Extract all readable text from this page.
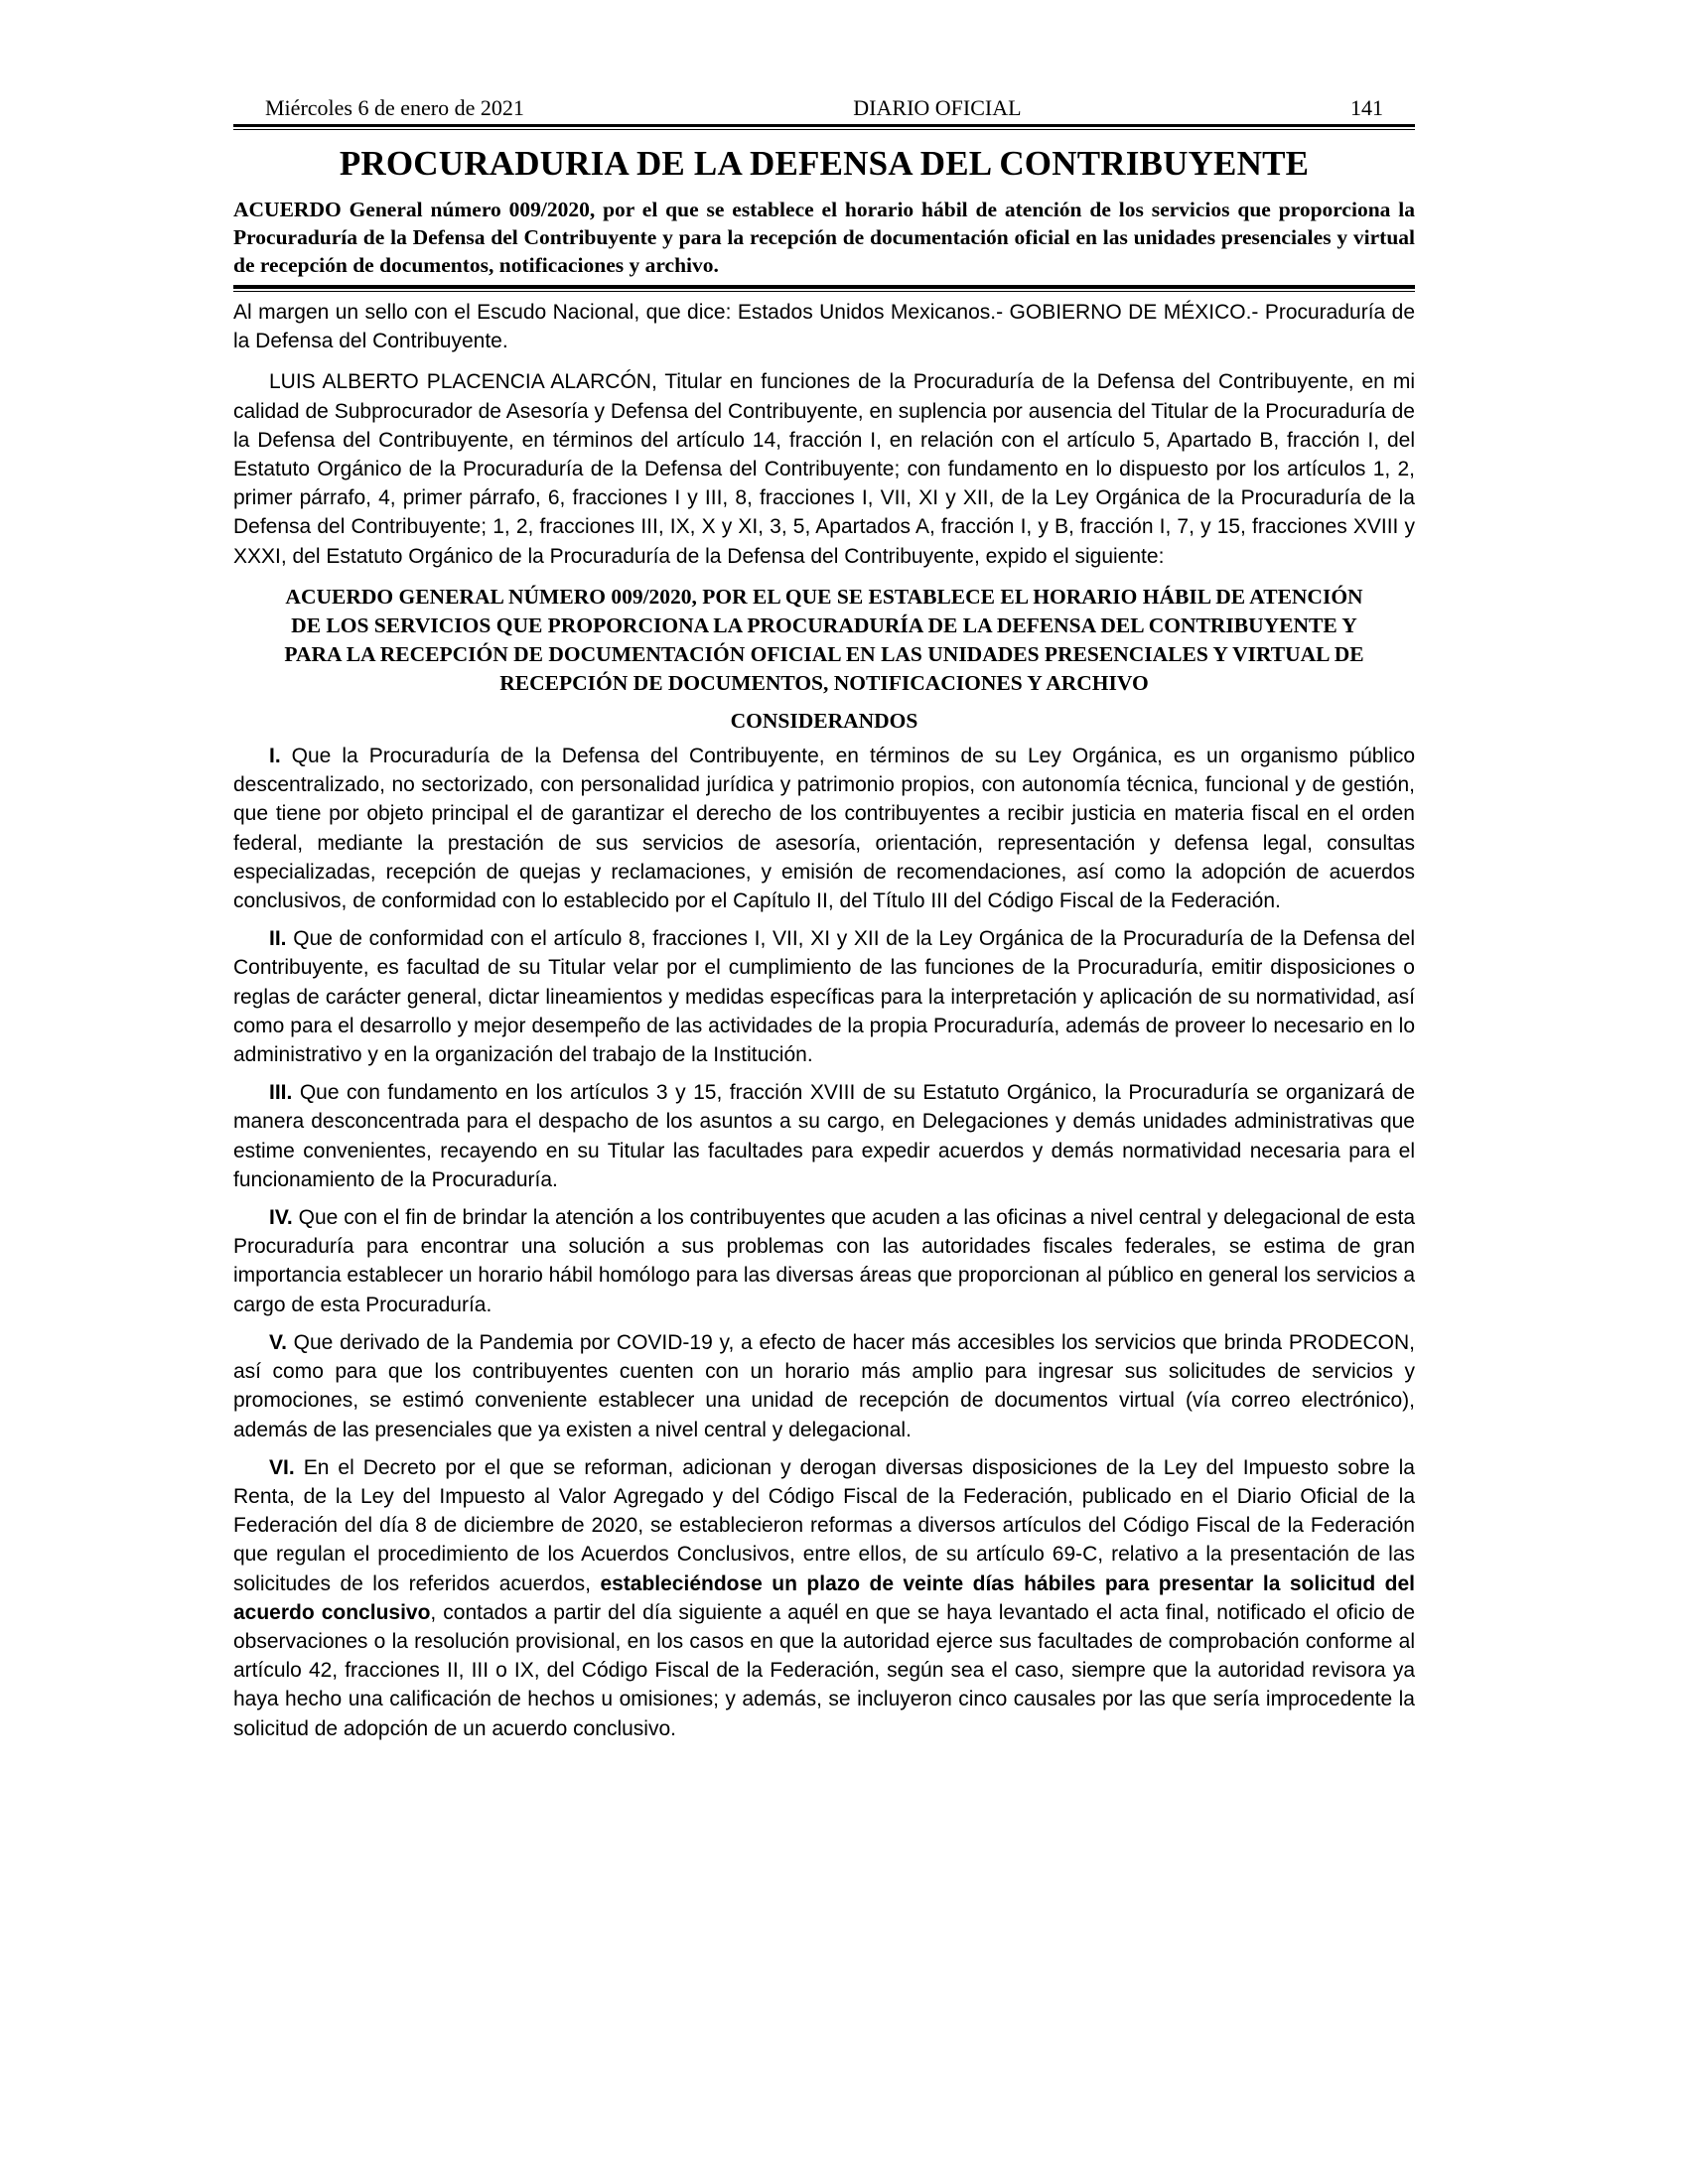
Miércoles 6 de enero de 2021	DIARIO OFICIAL	141
PROCURADURIA DE LA DEFENSA DEL CONTRIBUYENTE
ACUERDO General número 009/2020, por el que se establece el horario hábil de atención de los servicios que proporciona la Procuraduría de la Defensa del Contribuyente y para la recepción de documentación oficial en las unidades presenciales y virtual de recepción de documentos, notificaciones y archivo.

Al margen un sello con el Escudo Nacional, que dice: Estados Unidos Mexicanos.- GOBIERNO DE MÉXICO.- Procuraduría de la Defensa del Contribuyente.

LUIS ALBERTO PLACENCIA ALARCÓN, Titular en funciones de la Procuraduría de la Defensa del Contribuyente, en mi calidad de Subprocurador de Asesoría y Defensa del Contribuyente, en suplencia por ausencia del Titular de la Procuraduría de la Defensa del Contribuyente, en términos del artículo 14, fracción I, en relación con el artículo 5, Apartado B, fracción I, del Estatuto Orgánico de la Procuraduría de la Defensa del Contribuyente; con fundamento en lo dispuesto por los artículos 1, 2, primer párrafo, 4, primer párrafo, 6, fracciones I y III, 8, fracciones I, VII, XI y XII, de la Ley Orgánica de la Procuraduría de la Defensa del Contribuyente; 1, 2, fracciones III, IX, X y XI, 3, 5, Apartados A, fracción I, y B, fracción I, 7, y 15, fracciones XVIII y XXXI, del Estatuto Orgánico de la Procuraduría de la Defensa del Contribuyente, expido el siguiente:

ACUERDO GENERAL NÚMERO 009/2020, POR EL QUE SE ESTABLECE EL HORARIO HÁBIL DE ATENCIÓN DE LOS SERVICIOS QUE PROPORCIONA LA PROCURADURÍA DE LA DEFENSA DEL CONTRIBUYENTE Y PARA LA RECEPCIÓN DE DOCUMENTACIÓN OFICIAL EN LAS UNIDADES PRESENCIALES Y VIRTUAL DE RECEPCIÓN DE DOCUMENTOS, NOTIFICACIONES Y ARCHIVO
CONSIDERANDOS

I. Que la Procuraduría de la Defensa del Contribuyente, en términos de su Ley Orgánica, es un organismo público descentralizado, no sectorizado, con personalidad jurídica y patrimonio propios, con autonomía técnica, funcional y de gestión, que tiene por objeto principal el de garantizar el derecho de los contribuyentes a recibir justicia en materia fiscal en el orden federal, mediante la prestación de sus servicios de asesoría, orientación, representación y defensa legal, consultas especializadas, recepción de quejas y reclamaciones, y emisión de recomendaciones, así como la adopción de acuerdos conclusivos, de conformidad con lo establecido por el Capítulo II, del Título III del Código Fiscal de la Federación.

II. Que de conformidad con el artículo 8, fracciones I, VII, XI y XII de la Ley Orgánica de la Procuraduría de la Defensa del Contribuyente, es facultad de su Titular velar por el cumplimiento de las funciones de la Procuraduría, emitir disposiciones o reglas de carácter general, dictar lineamientos y medidas específicas para la interpretación y aplicación de su normatividad, así como para el desarrollo y mejor desempeño de las actividades de la propia Procuraduría, además de proveer lo necesario en lo administrativo y en la organización del trabajo de la Institución.

III. Que con fundamento en los artículos 3 y 15, fracción XVIII de su Estatuto Orgánico, la Procuraduría se organizará de manera desconcentrada para el despacho de los asuntos a su cargo, en Delegaciones y demás unidades administrativas que estime convenientes, recayendo en su Titular las facultades para expedir acuerdos y demás normatividad necesaria para el funcionamiento de la Procuraduría.

IV. Que con el fin de brindar la atención a los contribuyentes que acuden a las oficinas a nivel central y delegacional de esta Procuraduría para encontrar una solución a sus problemas con las autoridades fiscales federales, se estima de gran importancia establecer un horario hábil homólogo para las diversas áreas que proporcionan al público en general los servicios a cargo de esta Procuraduría.

V. Que derivado de la Pandemia por COVID-19 y, a efecto de hacer más accesibles los servicios que brinda PRODECON, así como para que los contribuyentes cuenten con un horario más amplio para ingresar sus solicitudes de servicios y promociones, se estimó conveniente establecer una unidad de recepción de documentos virtual (vía correo electrónico), además de las presenciales que ya existen a nivel central y delegacional.

VI. En el Decreto por el que se reforman, adicionan y derogan diversas disposiciones de la Ley del Impuesto sobre la Renta, de la Ley del Impuesto al Valor Agregado y del Código Fiscal de la Federación, publicado en el Diario Oficial de la Federación del día 8 de diciembre de 2020, se establecieron reformas a diversos artículos del Código Fiscal de la Federación que regulan el procedimiento de los Acuerdos Conclusivos, entre ellos, de su artículo 69-C, relativo a la presentación de las solicitudes de los referidos acuerdos, estableciéndose un plazo de veinte días hábiles para presentar la solicitud del acuerdo conclusivo, contados a partir del día siguiente a aquél en que se haya levantado el acta final, notificado el oficio de observaciones o la resolución provisional, en los casos en que la autoridad ejerce sus facultades de comprobación conforme al artículo 42, fracciones II, III o IX, del Código Fiscal de la Federación, según sea el caso, siempre que la autoridad revisora ya haya hecho una calificación de hechos u omisiones; y además, se incluyeron cinco causales por las que sería improcedente la solicitud de adopción de un acuerdo conclusivo.
